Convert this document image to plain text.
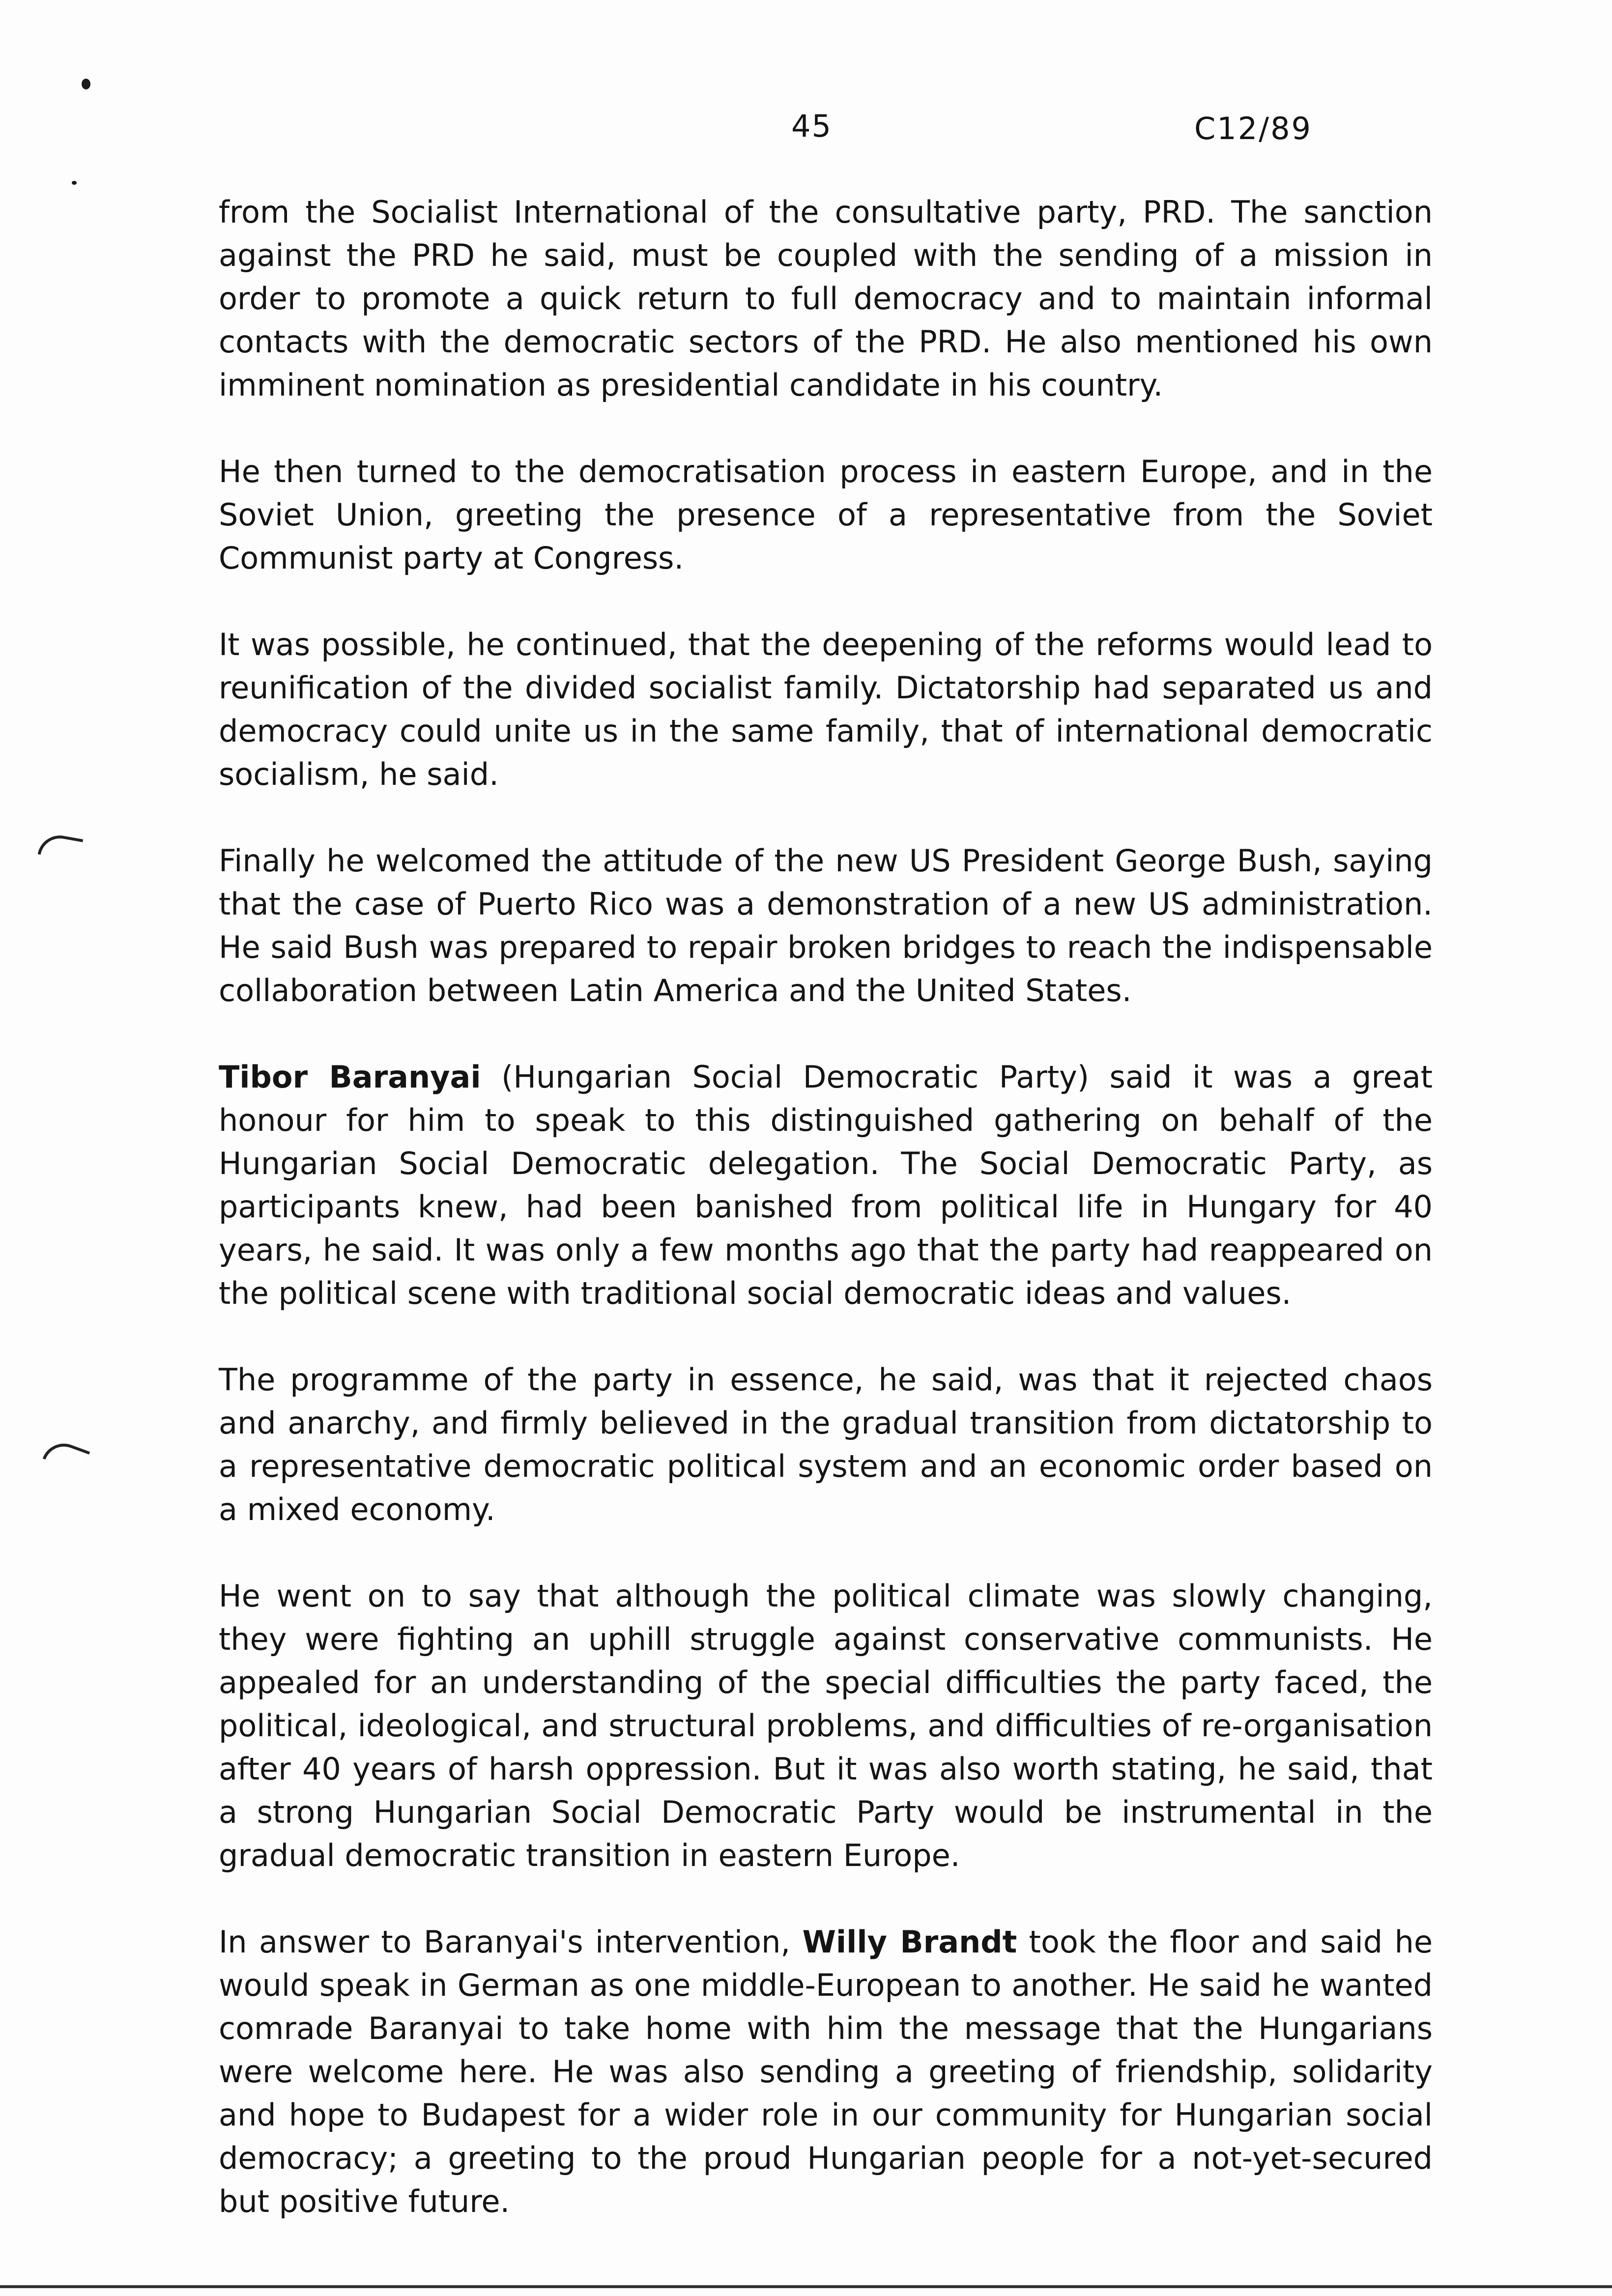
45	C12/89

from the Socialist International of the consultative party, PRD. The sanction against the PRD he said, must be coupled with the sending of a mission in order to promote a quick return to full democracy and to maintain informal contacts with the democratic sectors of the PRD. He also mentioned his own imminent nomination as presidential candidate in his country.

He then turned to the democratisation process in eastern Europe, and in the Soviet Union, greeting the presence of a representative from the Soviet Communist party at Congress.

It was possible, he continued, that the deepening of the reforms would lead to reunification of the divided socialist family. Dictatorship had separated us and democracy could unite us in the same family, that of international democratic socialism, he said.

Finally he welcomed the attitude of the new US President George Bush, saying that the case of Puerto Rico was a demonstration of a new US administration. He said Bush was prepared to repair broken bridges to reach the indispensable collaboration between Latin America and the United States.

Tibor Baranyai (Hungarian Social Democratic Party) said it was a great honour for him to speak to this distinguished gathering on behalf of the Hungarian Social Democratic delegation. The Social Democratic Party, as participants knew, had been banished from political life in Hungary for 40 years, he said. It was only a few months ago that the party had reappeared on the political scene with traditional social democratic ideas and values.

The programme of the party in essence, he said, was that it rejected chaos and anarchy, and firmly believed in the gradual transition from dictatorship to a representative democratic political system and an economic order based on a mixed economy.

He went on to say that although the political climate was slowly changing, they were fighting an uphill struggle against conservative communists. He appealed for an understanding of the special difficulties the party faced, the political, ideological, and structural problems, and difficulties of re-organisation after 40 years of harsh oppression. But it was also worth stating, he said, that a strong Hungarian Social Democratic Party would be instrumental in the gradual democratic transition in eastern Europe.

In answer to Baranyai's intervention, Willy Brandt took the floor and said he would speak in German as one middle-European to another. He said he wanted comrade Baranyai to take home with him the message that the Hungarians were welcome here. He was also sending a greeting of friendship, solidarity and hope to Budapest for a wider role in our community for Hungarian social democracy; a greeting to the proud Hungarian people for a not-yet-secured but positive future.
